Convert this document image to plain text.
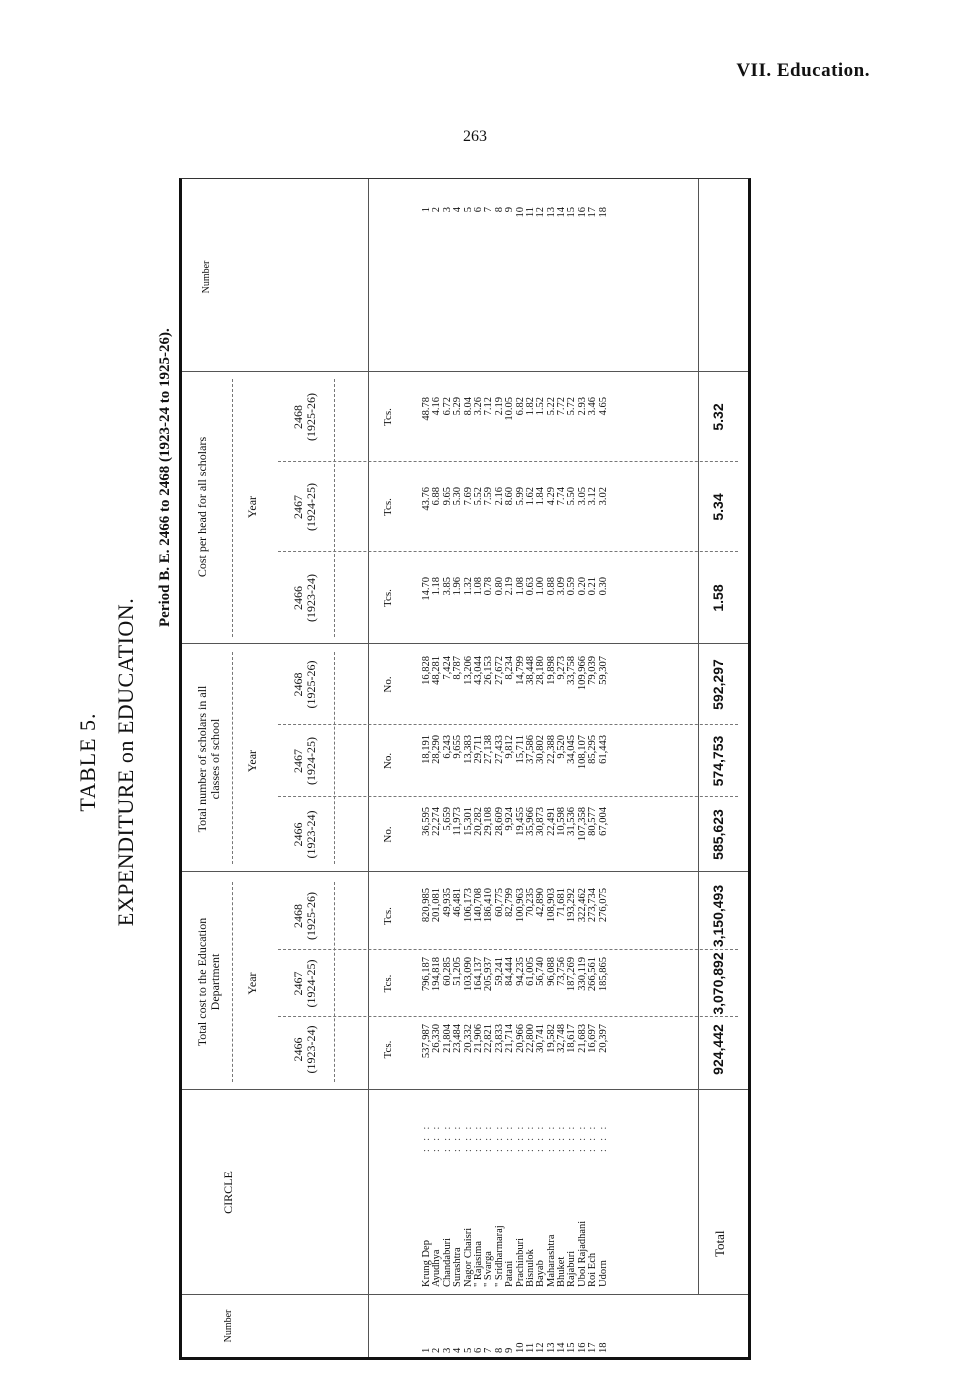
VII. Education.
263
TABLE 5. EXPENDITURE on EDUCATION.
Period B. E. 2466 to 2468 (1923-24 to 1925-26).
Number
CIRCLE
Total cost to the Education Department
Total number of scholars in all classes of school
Cost per head for all scholars
Number
Year
Year
Year
2466 (1923-24)
2467 (1924-25)
2468 (1925-26)
2466 (1923-24)
2467 (1924-25)
2468 (1925-26)
2466 (1923-24)
2467 (1924-25)
2468 (1925-26)
Tcs.
Tcs.
Tcs.
No.
No.
No.
Tcs.
Tcs.
Tcs.
1 2 3 4 5 6 7 8 9 10 11 12 13 14 15 16 17 18
Krung Dep Ayudhya Chandaburi Surashtra Nagor Chaisri " Rajasima " Svarga " Sridharmaraj Patani Prachinburi Bisnulok Bayab Maharashtra Bhuket Rajaburi Ubol Rajadhani Roi Ech Udorn
: : : : : : : : : : : : : : : : : : : : : : : : : : : : : : : : : : : : : : : : : : : : : : : : : : : : : :
537,987 26,330 21,804 23,484 20,332 21,906 22,821 23,833 21,714 20,966 22,800 30,741 19,582 32,748 18,617 21,683 16,697 20,397
796,187 194,818 60,285 51,205 103,090 164,137 205,937 59,241 84,444 94,235 61,005 56,740 96,088 73,756 187,269 330,119 266,561 185,865
820,985 201,081 49,935 46,481 106,173 140,708 186,410 60,775 82,799 100,963 70,235 42,890 108,903 71,681 193,292 322,462 273,734 276,075
36,595 22,274 5,659 11,973 15,301 20,282 29,108 28,609 9,924 19,455 35,966 30,873 22,491 10,598 31,536 107,358 80,577 67,004
18,191 28,290 6,243 9,655 13,383 29,711 27,138 27,433 9,812 15,711 37,586 30,802 22,388 9,520 34,045 108,107 85,295 61,443
16,828 48,281 7,424 8,787 13,206 43,044 26,153 27,672 8,234 14,799 38,448 28,180 19,898 9,273 33,758 109,966 79,039 59,307
14.70 1.18 3.85 1.96 1.32 1.08 0.78 0.80 2.19 1.08 0.63 1.00 0.88 3.09 0.59 0.20 0.21 0.30
43.76 6.88 9.65 5.30 7.69 5.52 7.59 2.16 8.60 5.99 1.62 1.84 4.29 7.74 5.50 3.05 3.12 3.02
48.78 4.16 6.72 5.29 8.04 3.26 7.12 2.19 10.05 6.82 1.82 1.52 5.22 7.72 5.72 2.93 3.46 4.65
1 2 3 4 5 6 7 8 9 10 11 12 13 14 15 16 17 18
Total
924,442
3,070,892
3,150,493
585,623
574,753
592,297
1.58
5.34
5.32
